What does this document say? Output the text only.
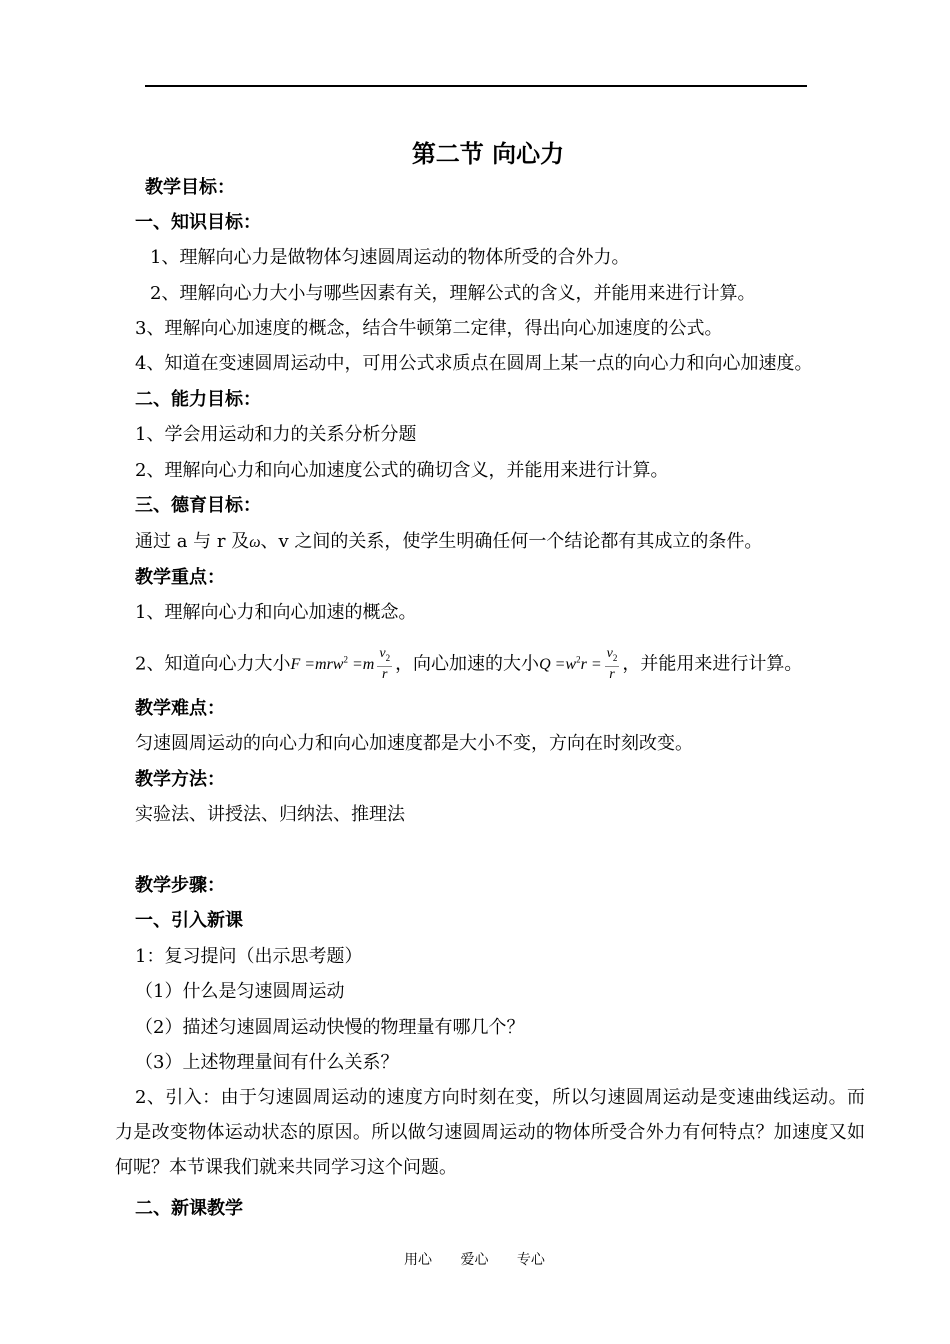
第二节 向心力
教学目标：
一、知识目标：
1、理解向心力是做物体匀速圆周运动的物体所受的合外力。
2、理解向心力大小与哪些因素有关，理解公式的含义，并能用来进行计算。
3、理解向心加速度的概念，结合牛顿第二定律，得出向心加速度的公式。
4、知道在变速圆周运动中，可用公式求质点在圆周上某一点的向心力和向心加速度。
二、能力目标：
1、学会用运动和力的关系分析分题
2、理解向心力和向心加速度公式的确切含义，并能用来进行计算。
三、德育目标：
通过 a 与 r 及ω、v 之间的关系，使学生明确任何一个结论都有其成立的条件。
教学重点：
1、理解向心力和向心加速的概念。
2、知道向心力大小$F =mrw^2 =m \frac{v_2}{r}$ ，向心加速的大小$Q =w^2r = \frac{v_2}{r}$ ，并能用来进行计算。
教学难点：
匀速圆周运动的向心力和向心加速度都是大小不变，方向在时刻改变。
教学方法：
实验法、讲授法、归纳法、推理法
教学步骤：
一、引入新课
1：复习提问（出示思考题）
（1）什么是匀速圆周运动
（2）描述匀速圆周运动快慢的物理量有哪几个？
（3）上述物理量间有什么关系？
2、引入：由于匀速圆周运动的速度方向时刻在变，所以匀速圆周运动是变速曲线运动。而力是改变物体运动状态的原因。所以做匀速圆周运动的物体所受合外力有何特点？加速度又如何呢？本节课我们就来共同学习这个问题。
二、新课教学
用心 爱心 专心
